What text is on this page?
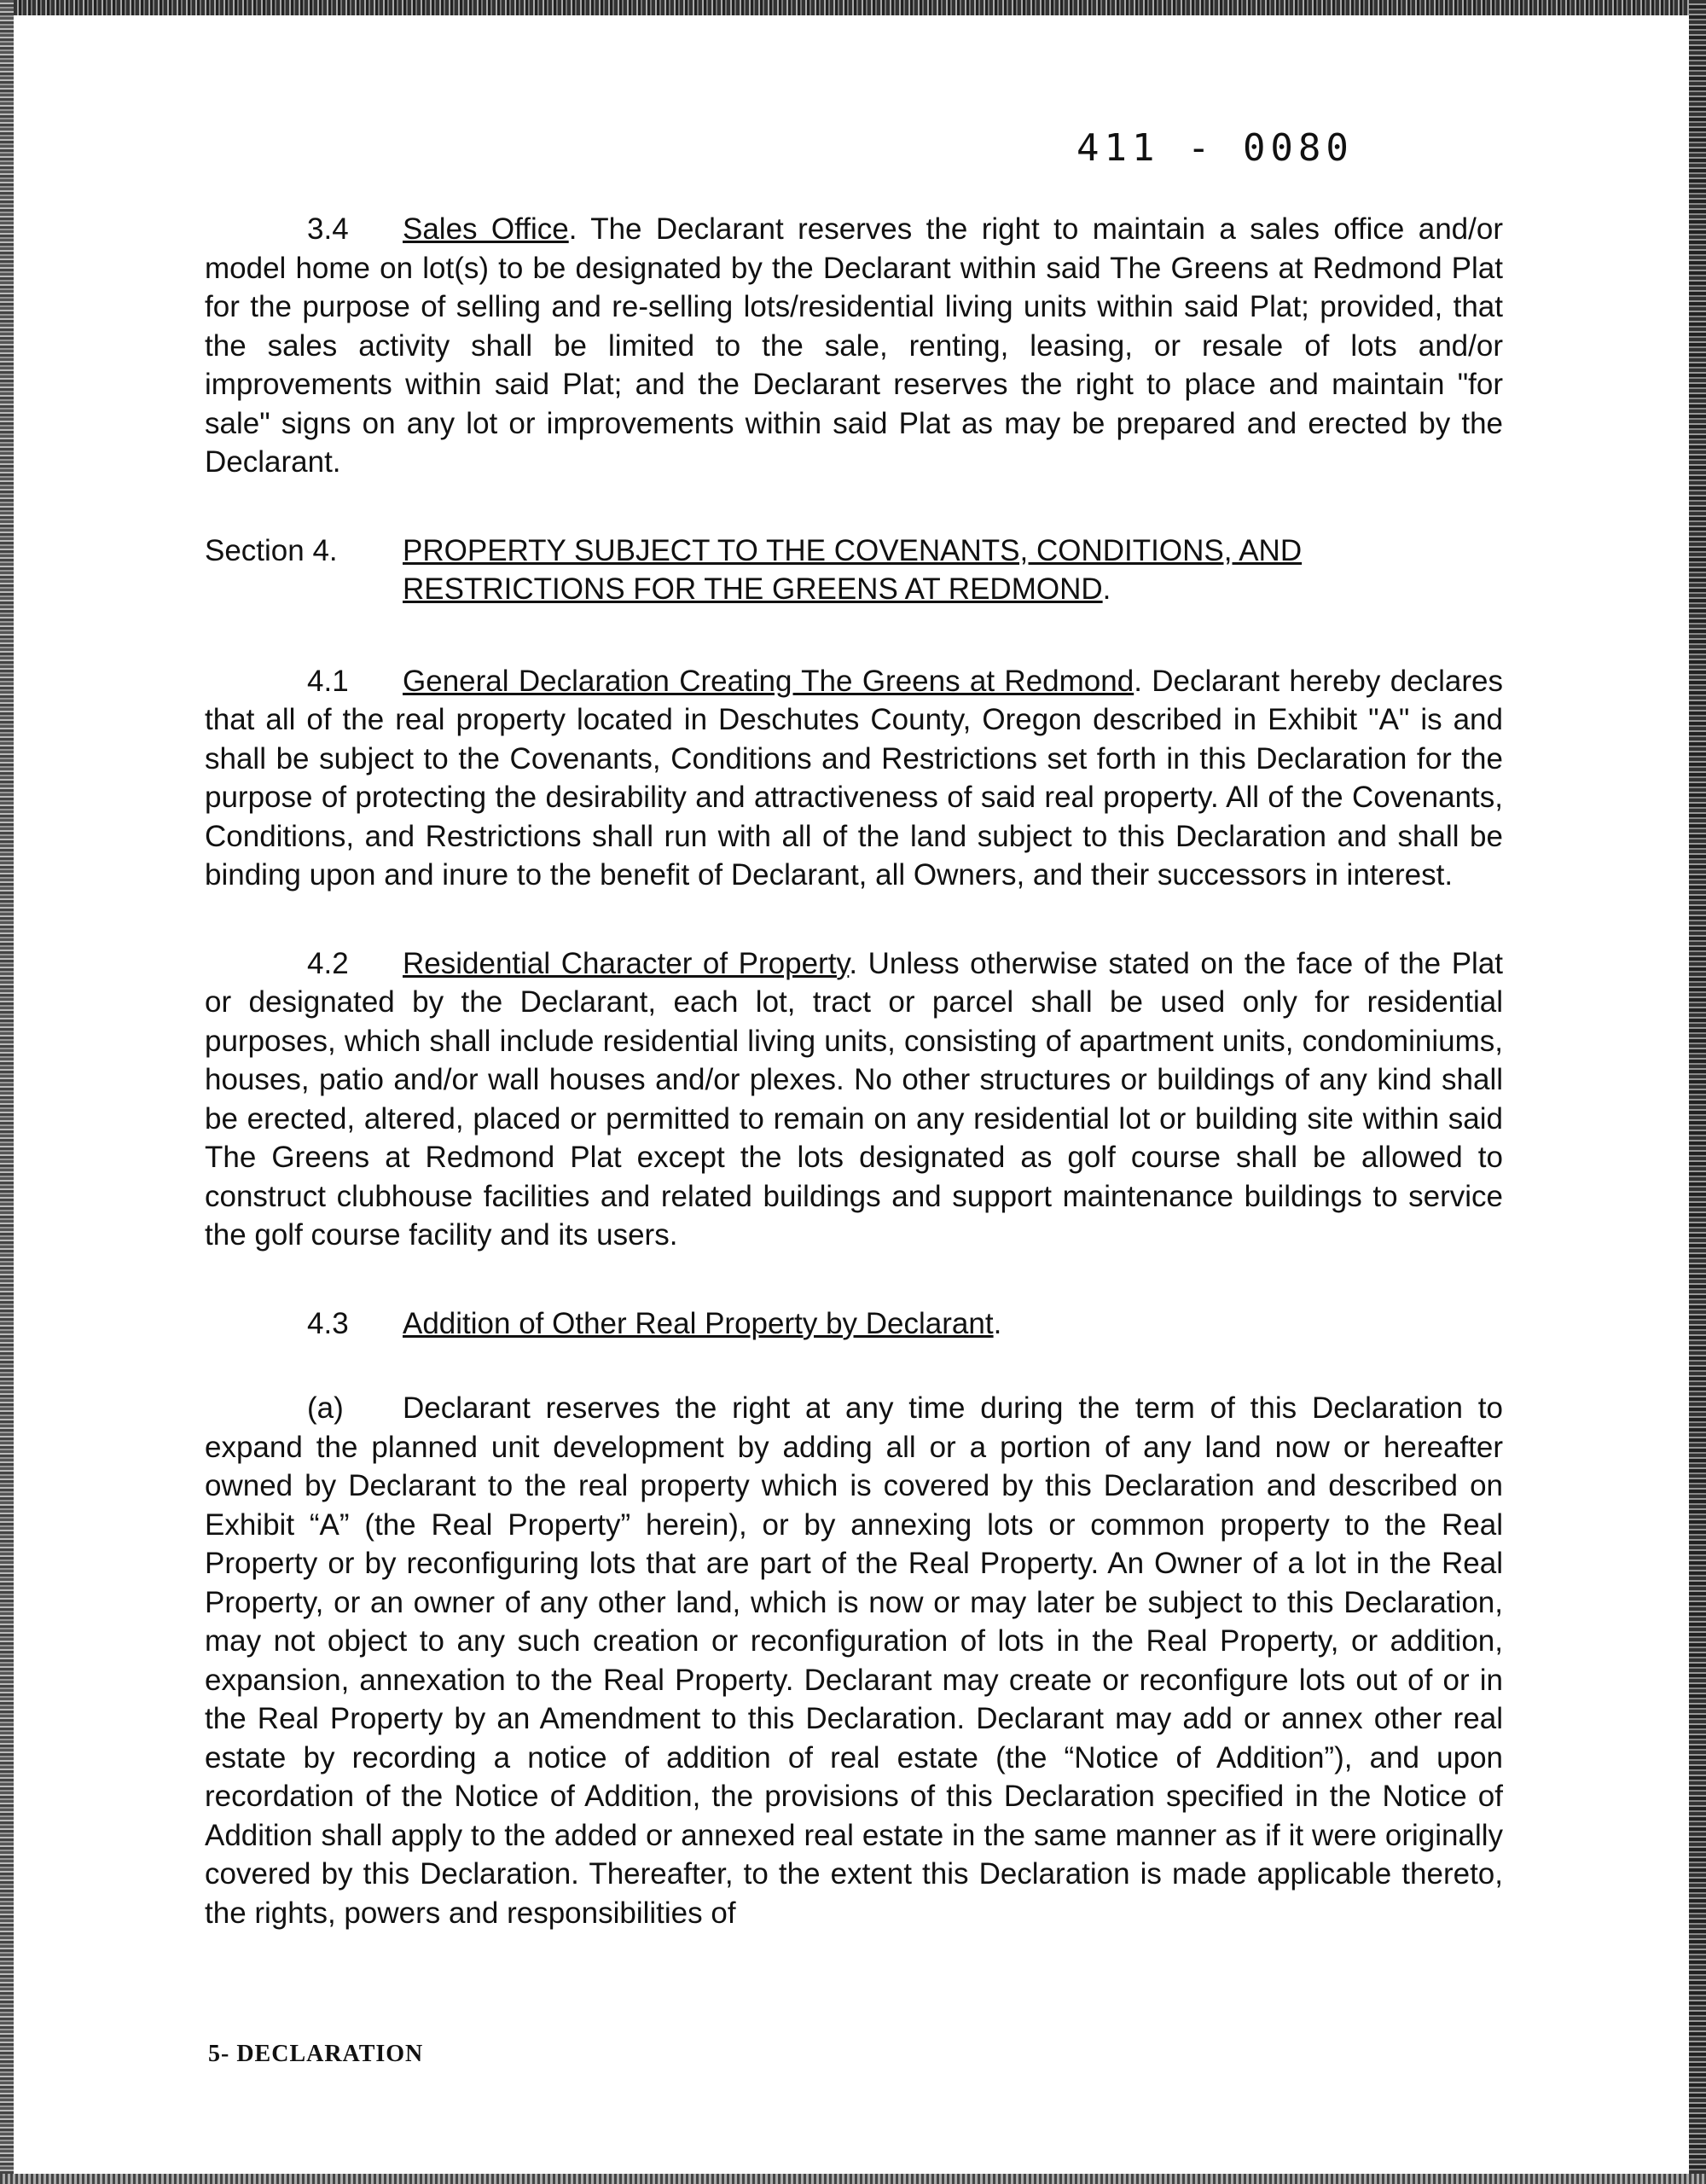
411 - 0080

3.4 Sales Office. The Declarant reserves the right to maintain a sales office and/or model home on lot(s) to be designated by the Declarant within said The Greens at Redmond Plat for the purpose of selling and re-selling lots/residential living units within said Plat; provided, that the sales activity shall be limited to the sale, renting, leasing, or resale of lots and/or improvements within said Plat; and the Declarant reserves the right to place and maintain "for sale" signs on any lot or improvements within said Plat as may be prepared and erected by the Declarant.

Section 4.	PROPERTY SUBJECT TO THE COVENANTS, CONDITIONS, AND RESTRICTIONS FOR THE GREENS AT REDMOND.

4.1 General Declaration Creating The Greens at Redmond. Declarant hereby declares that all of the real property located in Deschutes County, Oregon described in Exhibit "A" is and shall be subject to the Covenants, Conditions and Restrictions set forth in this Declaration for the purpose of protecting the desirability and attractiveness of said real property. All of the Covenants, Conditions, and Restrictions shall run with all of the land subject to this Declaration and shall be binding upon and inure to the benefit of Declarant, all Owners, and their successors in interest.

4.2 Residential Character of Property. Unless otherwise stated on the face of the Plat or designated by the Declarant, each lot, tract or parcel shall be used only for residential purposes, which shall include residential living units, consisting of apartment units, condominiums, houses, patio and/or wall houses and/or plexes. No other structures or buildings of any kind shall be erected, altered, placed or permitted to remain on any residential lot or building site within said The Greens at Redmond Plat except the lots designated as golf course shall be allowed to construct clubhouse facilities and related buildings and support maintenance buildings to service the golf course facility and its users.

4.3 Addition of Other Real Property by Declarant.

(a) Declarant reserves the right at any time during the term of this Declaration to expand the planned unit development by adding all or a portion of any land now or hereafter owned by Declarant to the real property which is covered by this Declaration and described on Exhibit “A” (the Real Property” herein), or by annexing lots or common property to the Real Property or by reconfiguring lots that are part of the Real Property. An Owner of a lot in the Real Property, or an owner of any other land, which is now or may later be subject to this Declaration, may not object to any such creation or reconfiguration of lots in the Real Property, or addition, expansion, annexation to the Real Property. Declarant may create or reconfigure lots out of or in the Real Property by an Amendment to this Declaration. Declarant may add or annex other real estate by recording a notice of addition of real estate (the “Notice of Addition”), and upon recordation of the Notice of Addition, the provisions of this Declaration specified in the Notice of Addition shall apply to the added or annexed real estate in the same manner as if it were originally covered by this Declaration. Thereafter, to the extent this Declaration is made applicable thereto, the rights, powers and responsibilities of

5- DECLARATION
